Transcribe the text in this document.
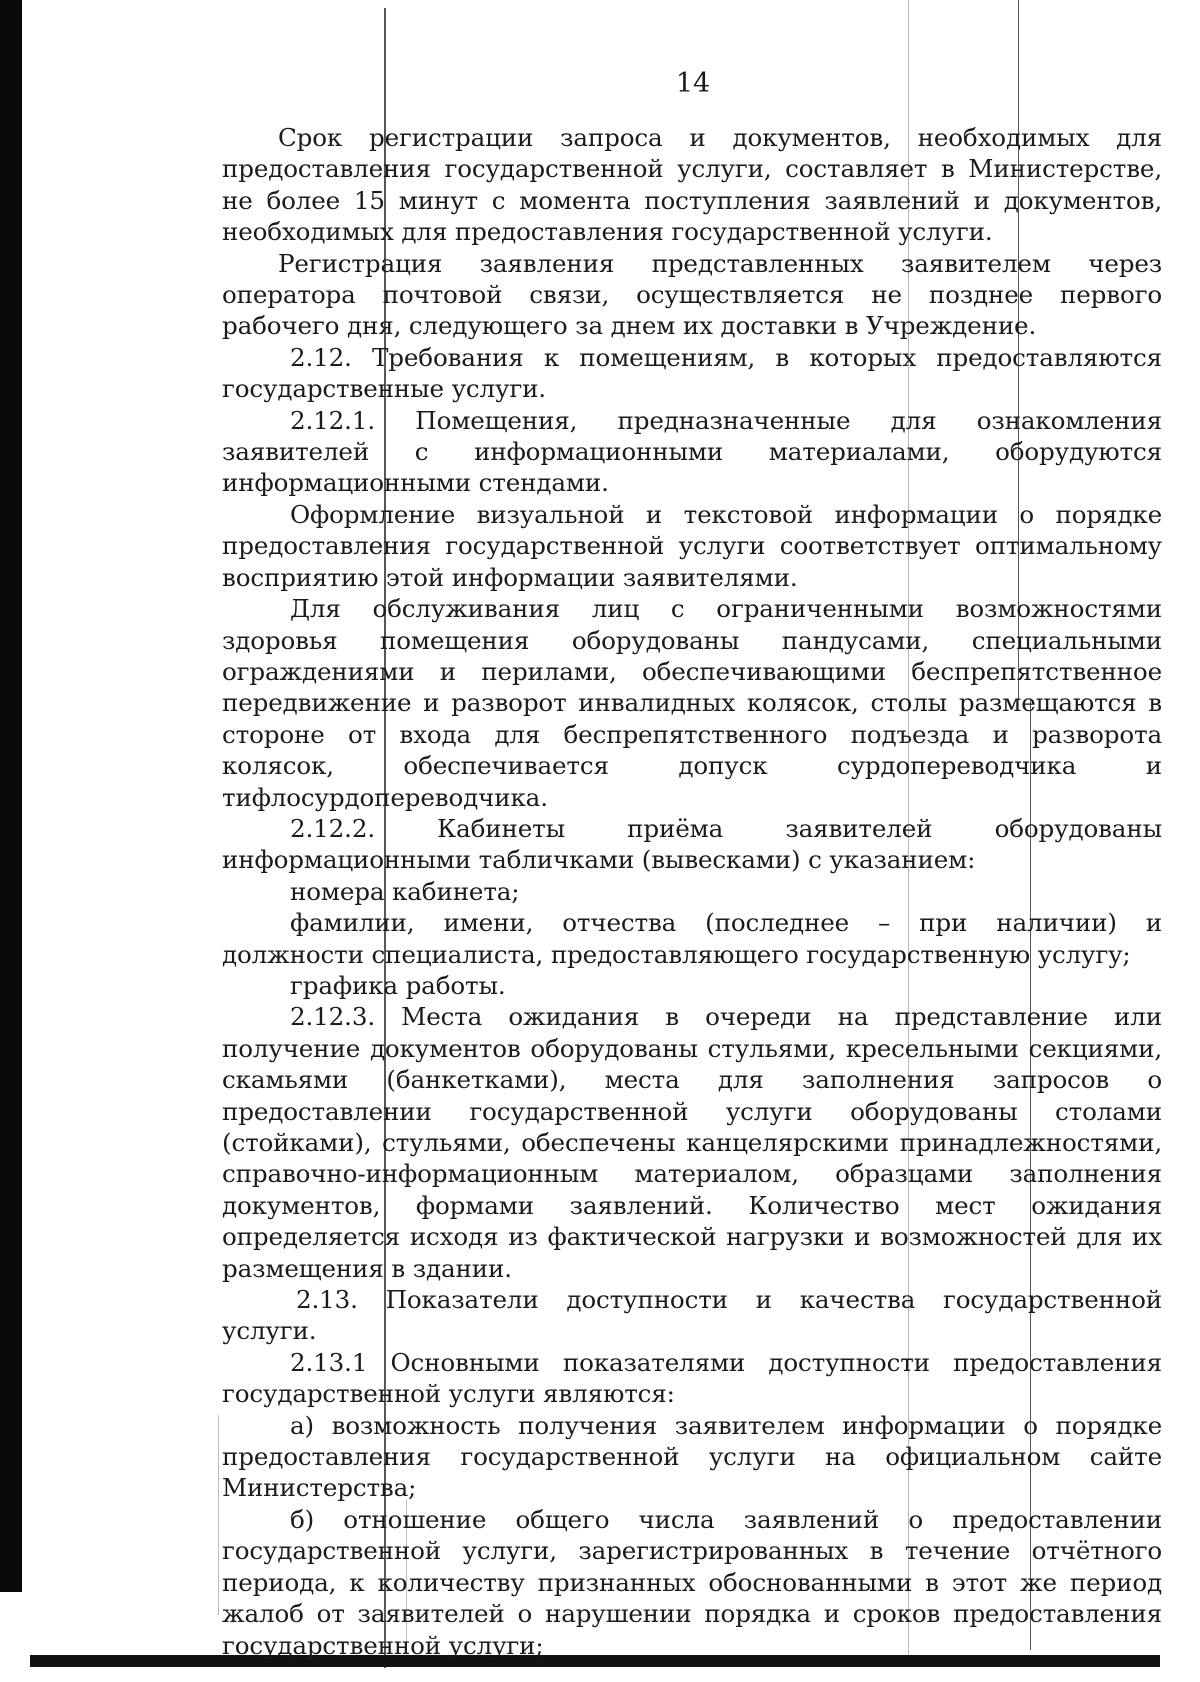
14

Срок регистрации запроса и документов, необходимых для предоставления государственной услуги, составляет в Министерстве, не более 15 минут с момента поступления заявлений и документов, необходимых для предоставления государственной услуги.

Регистрация заявления представленных заявителем через оператора почтовой связи, осуществляется не позднее первого рабочего дня, следующего за днем их доставки в Учреждение.

2.12. Требования к помещениям, в которых предоставляются государственные услуги.

2.12.1. Помещения, предназначенные для ознакомления заявителей с информационными материалами, оборудуются информационными стендами.

Оформление визуальной и текстовой информации о порядке предоставления государственной услуги соответствует оптимальному восприятию этой информации заявителями.

Для обслуживания лиц с ограниченными возможностями здоровья помещения оборудованы пандусами, специальными ограждениями и перилами, обеспечивающими беспрепятственное передвижение и разворот инвалидных колясок, столы размещаются в стороне от входа для беспрепятственного подъезда и разворота колясок, обеспечивается допуск сурдопереводчика и тифлосурдопереводчика.

2.12.2. Кабинеты приёма заявителей оборудованы информационными табличками (вывесками) с указанием:

номера кабинета;

фамилии, имени, отчества (последнее – при наличии) и должности специалиста, предоставляющего государственную услугу;

графика работы.

2.12.3. Места ожидания в очереди на представление или получение документов оборудованы стульями, кресельными секциями, скамьями (банкетками), места для заполнения запросов о предоставлении государственной услуги оборудованы столами (стойками), стульями, обеспечены канцелярскими принадлежностями, справочно-информационным материалом, образцами заполнения документов, формами заявлений. Количество мест ожидания определяется исходя из фактической нагрузки и возможностей для их размещения в здании.

2.13. Показатели доступности и качества государственной услуги.

2.13.1 Основными показателями доступности предоставления государственной услуги являются:

а) возможность получения заявителем информации о порядке предоставления государственной услуги на официальном сайте Министерства;

б) отношение общего числа заявлений о предоставлении государственной услуги, зарегистрированных в течение отчётного периода, к количеству признанных обоснованными в этот же период жалоб от заявителей о нарушении порядка и сроков предоставления государственной услуги;
